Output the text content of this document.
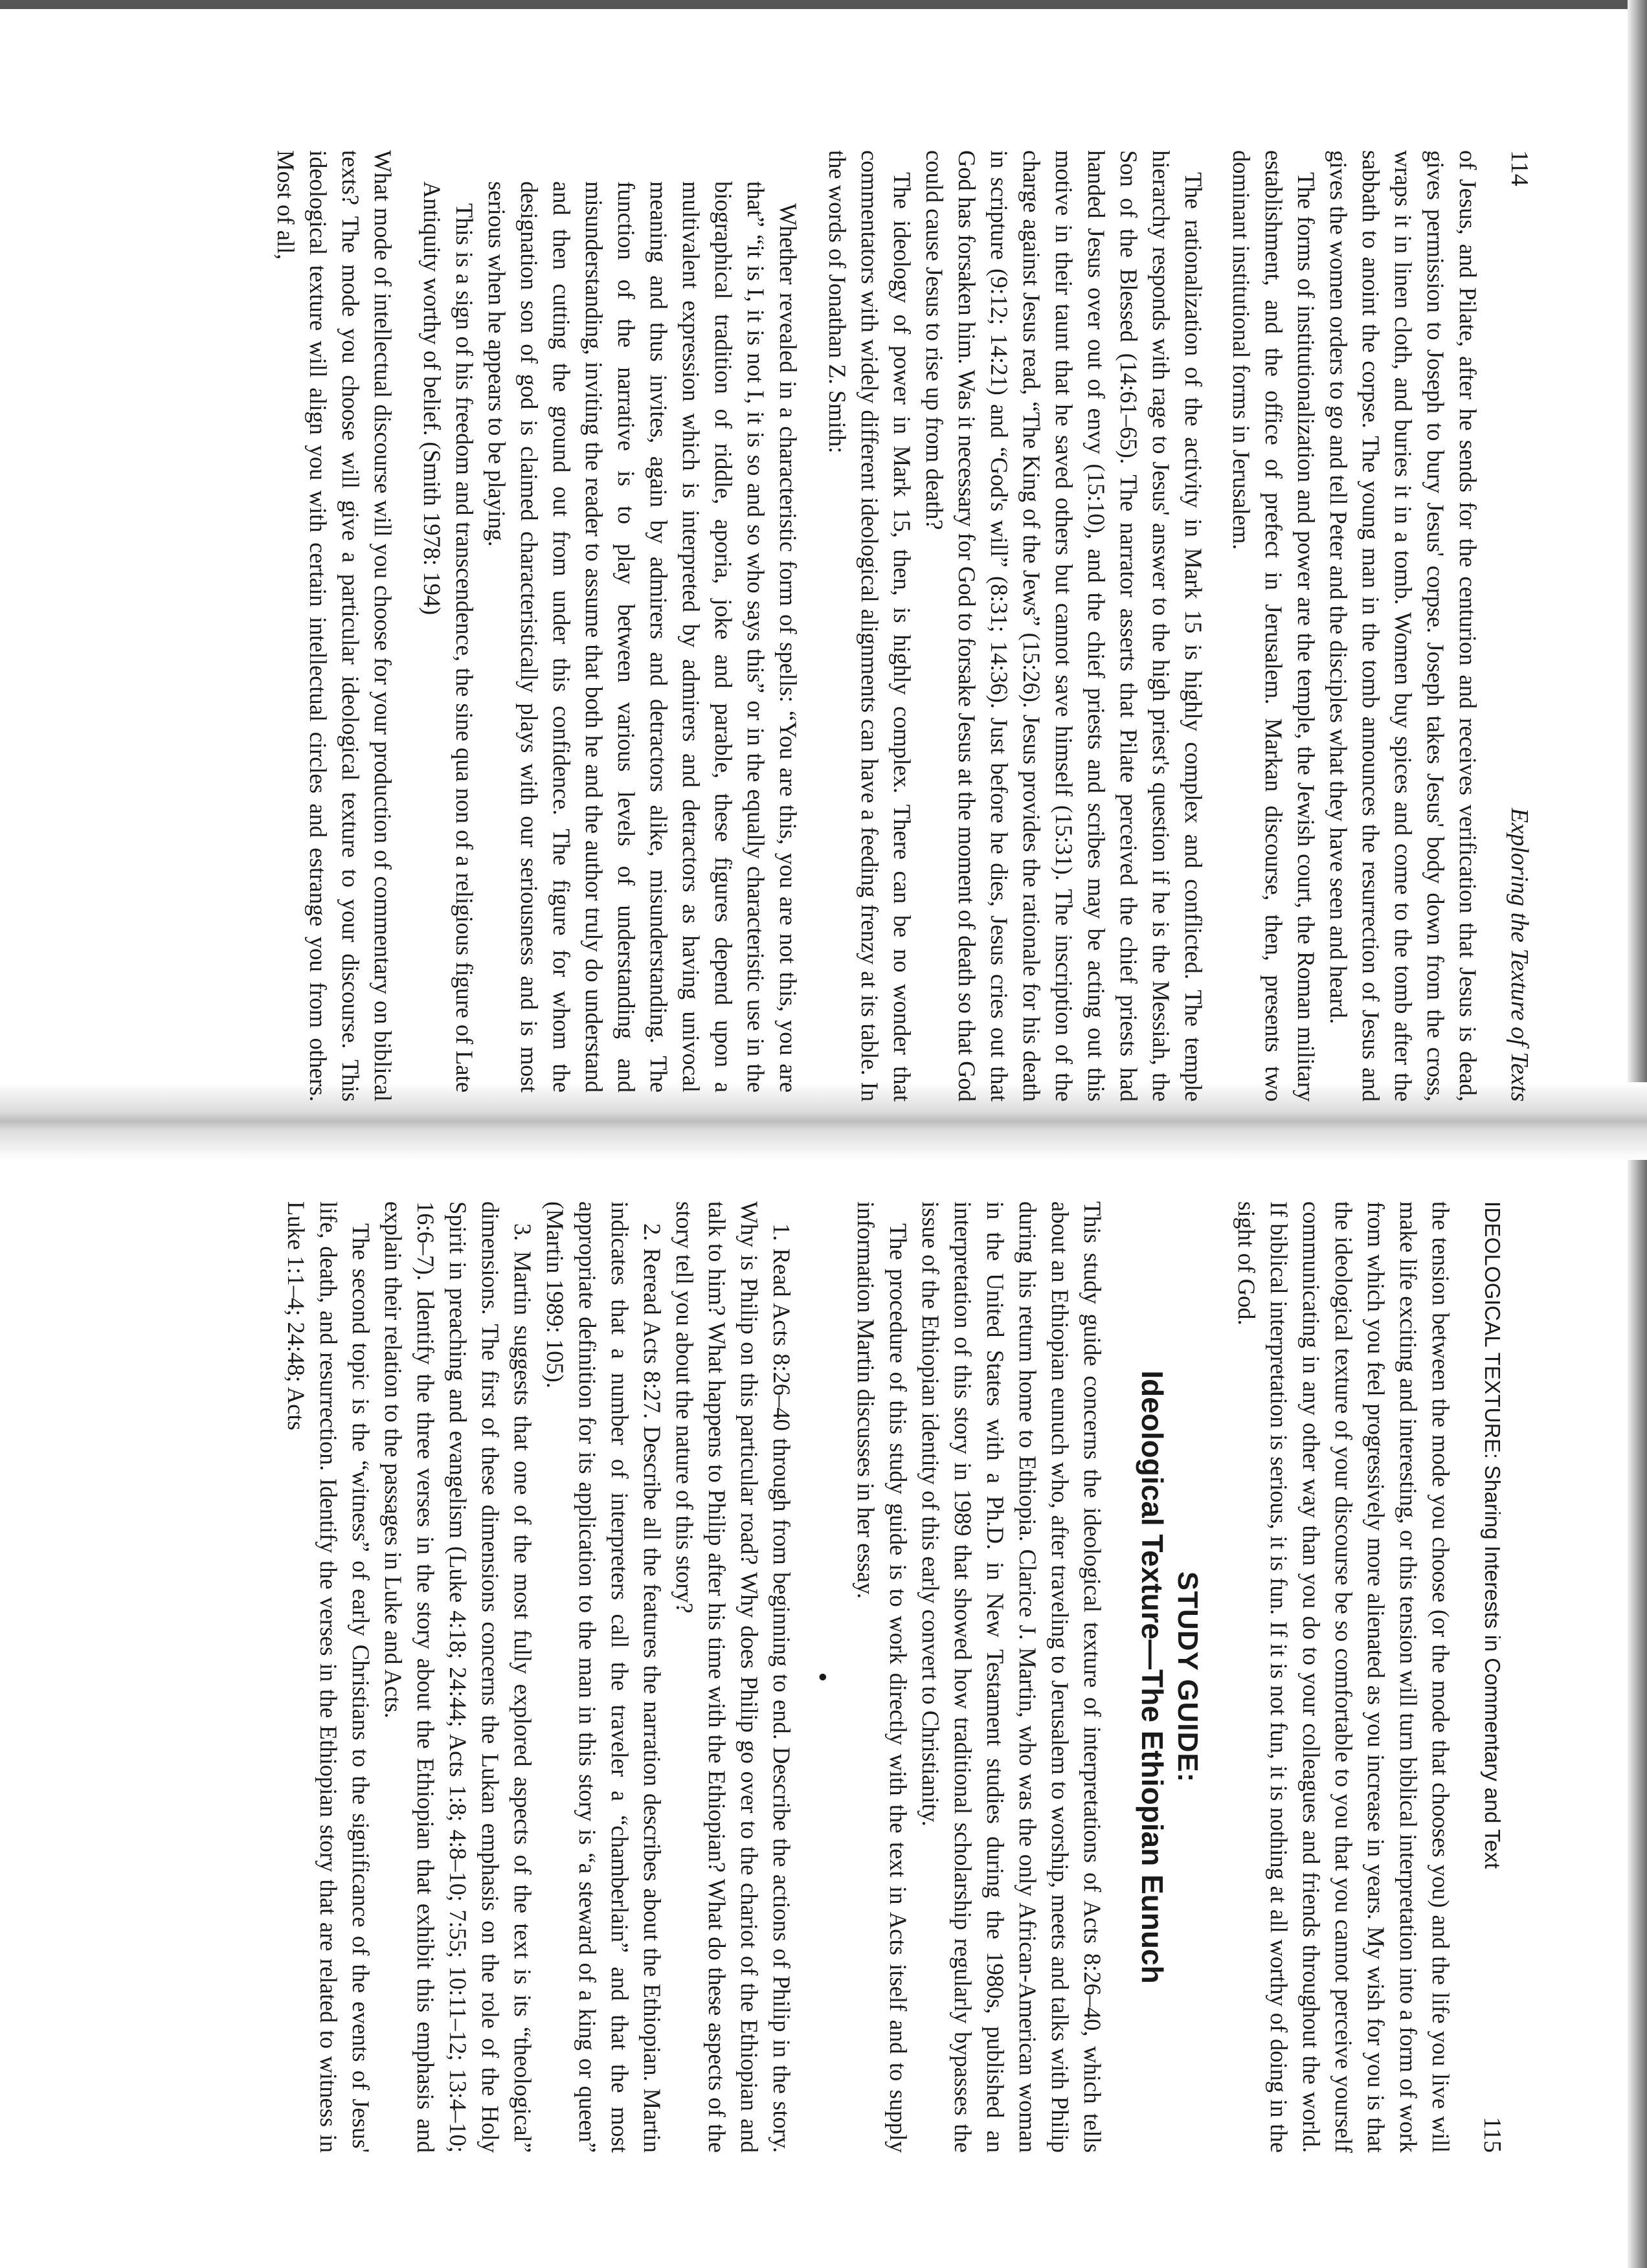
114
Exploring the Texture of Texts

of Jesus, and Pilate, after he sends for the centurion and receives verification that Jesus is dead, gives permission to Joseph to bury Jesus' corpse. Joseph takes Jesus' body down from the cross, wraps it in linen cloth, and buries it in a tomb. Women buy spices and come to the tomb after the sabbath to anoint the corpse. The young man in the tomb announces the resurrection of Jesus and gives the women orders to go and tell Peter and the disciples what they have seen and heard.

The forms of institutionalization and power are the temple, the Jewish court, the Roman military establishment, and the office of prefect in Jerusalem. Markan discourse, then, presents two dominant institutional forms in Jerusalem.

The rationalization of the activity in Mark 15 is highly complex and conflicted. The temple hierarchy responds with rage to Jesus' answer to the high priest's question if he is the Messiah, the Son of the Blessed (14:61–65). The narrator asserts that Pilate perceived the chief priests had handed Jesus over out of envy (15:10), and the chief priests and scribes may be acting out this motive in their taunt that he saved others but cannot save himself (15:31). The inscription of the charge against Jesus read, “The King of the Jews” (15:26). Jesus provides the rationale for his death in scripture (9:12; 14:21) and “God's will” (8:31; 14:36). Just before he dies, Jesus cries out that God has forsaken him. Was it necessary for God to forsake Jesus at the moment of death so that God could cause Jesus to rise up from death?

The ideology of power in Mark 15, then, is highly complex. There can be no wonder that commentators with widely different ideological alignments can have a feeding frenzy at its table. In the words of Jonathan Z. Smith:

Whether revealed in a characteristic form of spells: “You are this, you are not this, you are that” “it is I, it is not I, it is so and so who says this” or in the equally characteristic use in the biographical tradition of riddle, aporia, joke and parable, these figures depend upon a multivalent expression which is interpreted by admirers and detractors as having univocal meaning and thus invites, again by admirers and detractors alike, misunderstanding. The function of the narrative is to play between various levels of understanding and misunderstanding, inviting the reader to assume that both he and the author truly do understand and then cutting the ground out from under this confidence. The figure for whom the designation son of god is claimed characteristically plays with our seriousness and is most serious when he appears to be playing.

This is a sign of his freedom and transcendence, the sine qua non of a religious figure of Late Antiquity worthy of belief. (Smith 1978: 194)

What mode of intellectual discourse will you choose for your production of commentary on biblical texts? The mode you choose will give a particular ideological texture to your discourse. This ideological texture will align you with certain intellectual circles and estrange you from others. Most of all,

IDEOLOGICAL TEXTURE: Sharing Interests in Commentary and Text
115

the tension between the mode you choose (or the mode that chooses you) and the life you live will make life exciting and interesting, or this tension will turn biblical interpretation into a form of work from which you feel progressively more alienated as you increase in years. My wish for you is that the ideological texture of your discourse be so comfortable to you that you cannot perceive yourself communicating in any other way than you do to your colleagues and friends throughout the world. If biblical interpretation is serious, it is fun. If it is not fun, it is nothing at all worthy of doing in the sight of God.

STUDY GUIDE:
Ideological Texture—The Ethiopian Eunuch

This study guide concerns the ideological texture of interpretations of Acts 8:26–40, which tells about an Ethiopian eunuch who, after traveling to Jerusalem to worship, meets and talks with Philip during his return home to Ethiopia. Clarice J. Martin, who was the only African-American woman in the United States with a Ph.D. in New Testament studies during the 1980s, published an interpretation of this story in 1989 that showed how traditional scholarship regularly bypasses the issue of the Ethiopian identity of this early convert to Christianity.

The procedure of this study guide is to work directly with the text in Acts itself and to supply information Martin discusses in her essay.

•

1. Read Acts 8:26–40 through from beginning to end. Describe the actions of Philip in the story. Why is Philip on this particular road? Why does Philip go over to the chariot of the Ethiopian and talk to him? What happens to Philip after his time with the Ethiopian? What do these aspects of the story tell you about the nature of this story?

2. Reread Acts 8:27. Describe all the features the narration describes about the Ethiopian. Martin indicates that a number of interpreters call the traveler a “chamberlain” and that the most appropriate definition for its application to the man in this story is “a steward of a king or queen” (Martin 1989: 105).

3. Martin suggests that one of the most fully explored aspects of the text is its “theological” dimensions. The first of these dimensions concerns the Lukan emphasis on the role of the Holy Spirit in preaching and evangelism (Luke 4:18; 24:44; Acts 1:8; 4:8–10; 7:55; 10:11–12; 13:4–10; 16:6–7). Identify the three verses in the story about the Ethiopian that exhibit this emphasis and explain their relation to the passages in Luke and Acts.

The second topic is the “witness” of early Christians to the significance of the events of Jesus' life, death, and resurrection. Identify the verses in the Ethiopian story that are related to witness in Luke 1:1–4; 24:48; Acts
